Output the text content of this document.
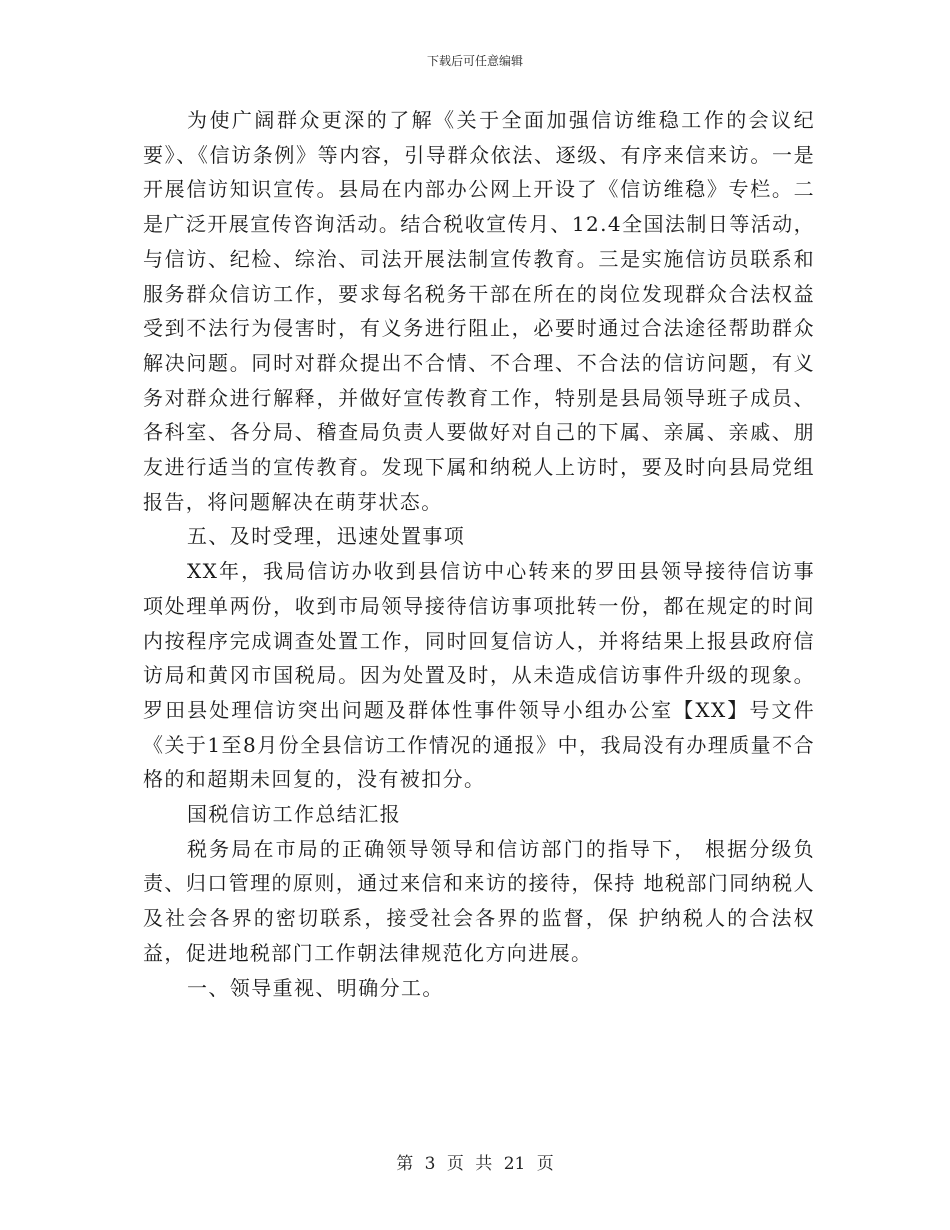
下载后可任意编辑

为使广阔群众更深的了解《关于全面加强信访维稳工作的会议纪要》、《信访条例》等内容，引导群众依法、逐级、有序来信来访。一是开展信访知识宣传。县局在内部办公网上开设了《信访维稳》专栏。二是广泛开展宣传咨询活动。结合税收宣传月、12.4全国法制日等活动，与信访、纪检、综治、司法开展法制宣传教育。三是实施信访员联系和服务群众信访工作，要求每名税务干部在所在的岗位发现群众合法权益受到不法行为侵害时，有义务进行阻止，必要时通过合法途径帮助群众解决问题。同时对群众提出不合情、不合理、不合法的信访问题，有义务对群众进行解释，并做好宣传教育工作，特别是县局领导班子成员、各科室、各分局、稽查局负责人要做好对自己的下属、亲属、亲戚、朋友进行适当的宣传教育。发现下属和纳税人上访时，要及时向县局党组报告，将问题解决在萌芽状态。

五、及时受理，迅速处置事项

XX年，我局信访办收到县信访中心转来的罗田县领导接待信访事项处理单两份，收到市局领导接待信访事项批转一份，都在规定的时间内按程序完成调查处置工作，同时回复信访人，并将结果上报县政府信访局和黄冈市国税局。因为处置及时，从未造成信访事件升级的现象。罗田县处理信访突出问题及群体性事件领导小组办公室【XX】号文件《关于1至8月份全县信访工作情况的通报》中，我局没有办理质量不合格的和超期未回复的，没有被扣分。

国税信访工作总结汇报

税务局在市局的正确领导领导和信访部门的指导下， 根据分级负责、归口管理的原则，通过来信和来访的接待，保持 地税部门同纳税人及社会各界的密切联系，接受社会各界的监督，保 护纳税人的合法权益，促进地税部门工作朝法律规范化方向进展。

一、领导重视、明确分工。

第 3 页 共 21 页
